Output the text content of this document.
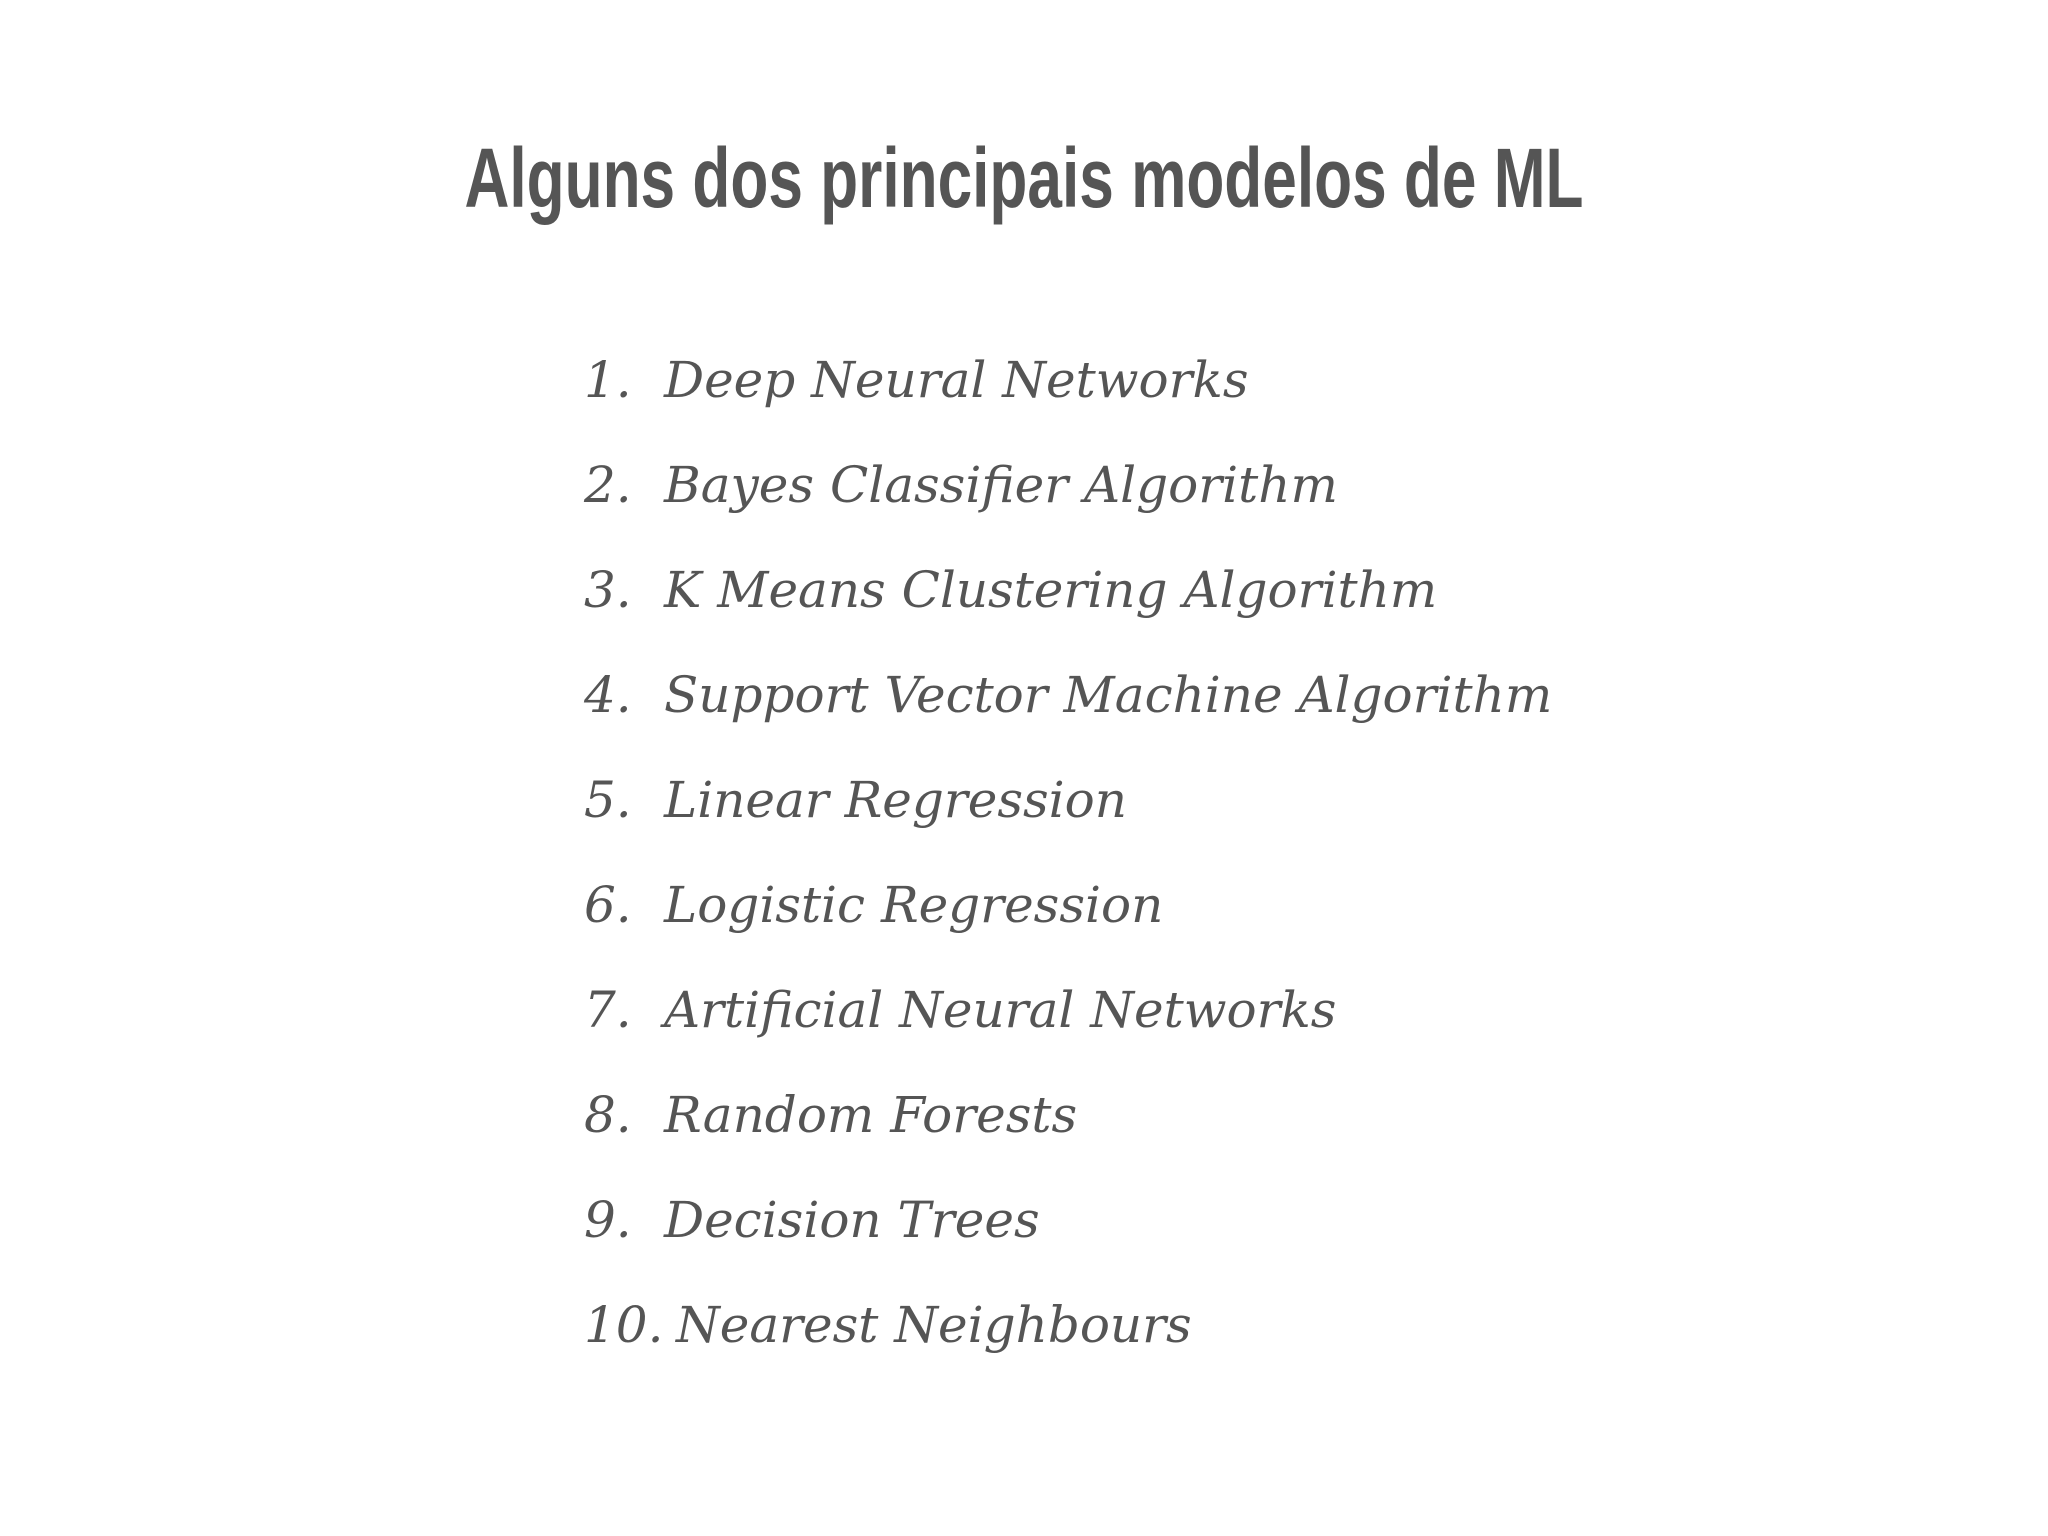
Alguns dos principais modelos de ML
1. Deep Neural Networks
2. Bayes Classifier Algorithm
3. K Means Clustering Algorithm
4. Support Vector Machine Algorithm
5. Linear Regression
6. Logistic Regression
7. Artificial Neural Networks
8. Random Forests
9. Decision Trees
10. Nearest Neighbours
